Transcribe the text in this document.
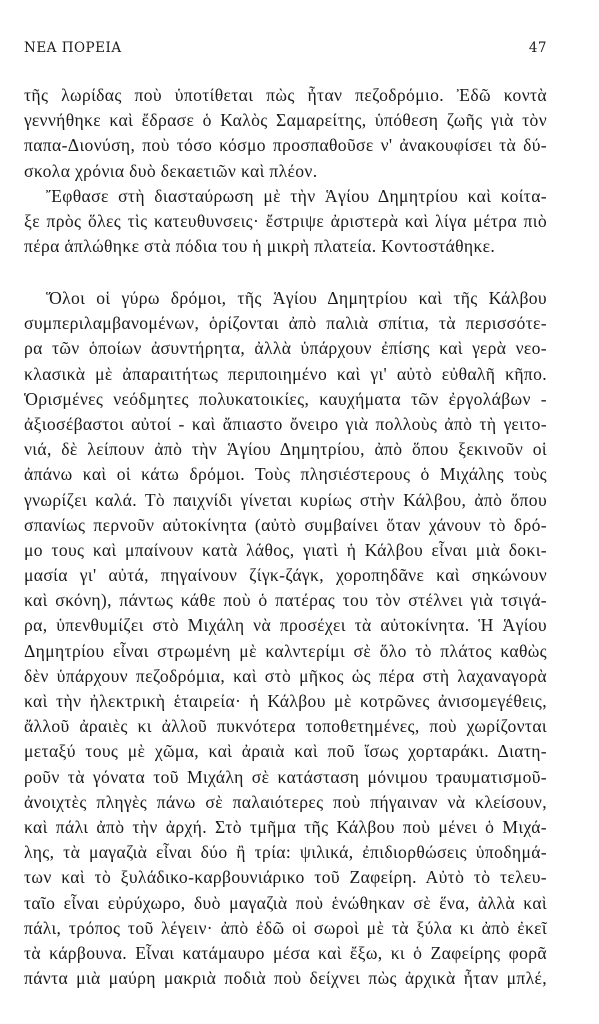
ΝΕΑ ΠΟΡΕΙΑ	47
τῆς λωρίδας ποὺ ὑποτίθεται πὼς ἦταν πεζοδρόμιο. Ἐδῶ κοντὰ
γεννήθηκε καὶ ἔδρασε ὁ Καλὸς Σαμαρείτης, ὑπόθεση ζωῆς γιὰ τὸν
παπα-Διονύση, ποὺ τόσο κόσμο προσπαθοῦσε ν' ἀνακουφίσει τὰ δύ-
σκολα χρόνια δυὸ δεκαετιῶν καὶ πλέον.
Ἔφθασε στὴ διασταύρωση μὲ τὴν Ἁγίου Δημητρίου καὶ κοίτα-
ξε πρὸς ὅλες τὶς κατευθυνσεις· ἔστριψε ἀριστερὰ καὶ λίγα μέτρα πιὸ
πέρα ἁπλώθηκε στὰ πόδια του ἡ μικρὴ πλατεία. Κοντοστάθηκε.
Ὅλοι οἱ γύρω δρόμοι, τῆς Ἁγίου Δημητρίου καὶ τῆς Κάλβου
συμπεριλαμβανομένων, ὁρίζονται ἀπὸ παλιὰ σπίτια, τὰ περισσότε-
ρα τῶν ὁποίων ἀσυντήρητα, ἀλλὰ ὑπάρχουν ἐπίσης καὶ γερὰ νεο-
κλασικὰ μὲ ἀπαραιτήτως περιποιημένο καὶ γι' αὐτὸ εὐθαλῆ κῆπο.
Ὁρισμένες νεόδμητες πολυκατοικίες, καυχήματα τῶν ἐργολάβων -
ἀξιοσέβαστοι αὐτοί - καὶ ἄπιαστο ὄνειρο γιὰ πολλοὺς ἀπὸ τὴ γειτο-
νιά, δὲ λείπουν ἀπὸ τὴν Ἁγίου Δημητρίου, ἀπὸ ὅπου ξεκινοῦν οἱ
ἀπάνω καὶ οἱ κάτω δρόμοι. Τοὺς πλησιέστερους ὁ Μιχάλης τοὺς
γνωρίζει καλά. Τὸ παιχνίδι γίνεται κυρίως στὴν Κάλβου, ἀπὸ ὅπου
σπανίως περνοῦν αὐτοκίνητα (αὐτὸ συμβαίνει ὅταν χάνουν τὸ δρό-
μο τους καὶ μπαίνουν κατὰ λάθος, γιατὶ ἡ Κάλβου εἶναι μιὰ δοκι-
μασία γι' αὐτά, πηγαίνουν ζίγκ-ζάγκ, χοροπηδᾶνε καὶ σηκώνουν
καὶ σκόνη), πάντως κάθε ποὺ ὁ πατέρας του τὸν στέλνει γιὰ τσιγά-
ρα, ὑπενθυμίζει στὸ Μιχάλη νὰ προσέχει τὰ αὐτοκίνητα. Ἡ Ἁγίου
Δημητρίου εἶναι στρωμένη μὲ καλντερίμι σὲ ὅλο τὸ πλάτος καθὼς
δὲν ὑπάρχουν πεζοδρόμια, καὶ στὸ μῆκος ὡς πέρα στὴ λαχαναγορὰ
καὶ τὴν ἠλεκτρικὴ ἑταιρεία· ἡ Κάλβου μὲ κοτρῶνες ἀνισομεγέθεις,
ἄλλοῦ ἀραιὲς κι ἀλλοῦ πυκνότερα τοποθετημένες, ποὺ χωρίζονται
μεταξύ τους μὲ χῶμα, καὶ ἀραιὰ καὶ ποῦ ἴσως χορταράκι. Διατη-
ροῦν τὰ γόνατα τοῦ Μιχάλη σὲ κατάσταση μόνιμου τραυματισμοῦ-
ἀνοιχτὲς πληγὲς πάνω σὲ παλαιότερες ποὺ πήγαιναν νὰ κλείσουν,
καὶ πάλι ἀπὸ τὴν ἀρχή. Στὸ τμῆμα τῆς Κάλβου ποὺ μένει ὁ Μιχά-
λης, τὰ μαγαζιὰ εἶναι δύο ἢ τρία: ψιλικά, ἐπιδιορθώσεις ὑποδημά-
των καὶ τὸ ξυλάδικο-καρβουνιάρικο τοῦ Ζαφείρη. Αὐτὸ τὸ τελευ-
ταῖο εἶναι εὐρύχωρο, δυὸ μαγαζιὰ ποὺ ἑνώθηκαν σὲ ἕνα, ἀλλὰ καὶ
πάλι, τρόπος τοῦ λέγειν· ἀπὸ ἐδῶ οἱ σωροὶ μὲ τὰ ξύλα κι ἀπὸ ἐκεῖ
τὰ κάρβουνα. Εἶναι κατάμαυρο μέσα καὶ ἔξω, κι ὁ Ζαφείρης φορᾶ
πάντα μιὰ μαύρη μακριὰ ποδιὰ ποὺ δείχνει πὼς ἀρχικὰ ἦταν μπλέ,
